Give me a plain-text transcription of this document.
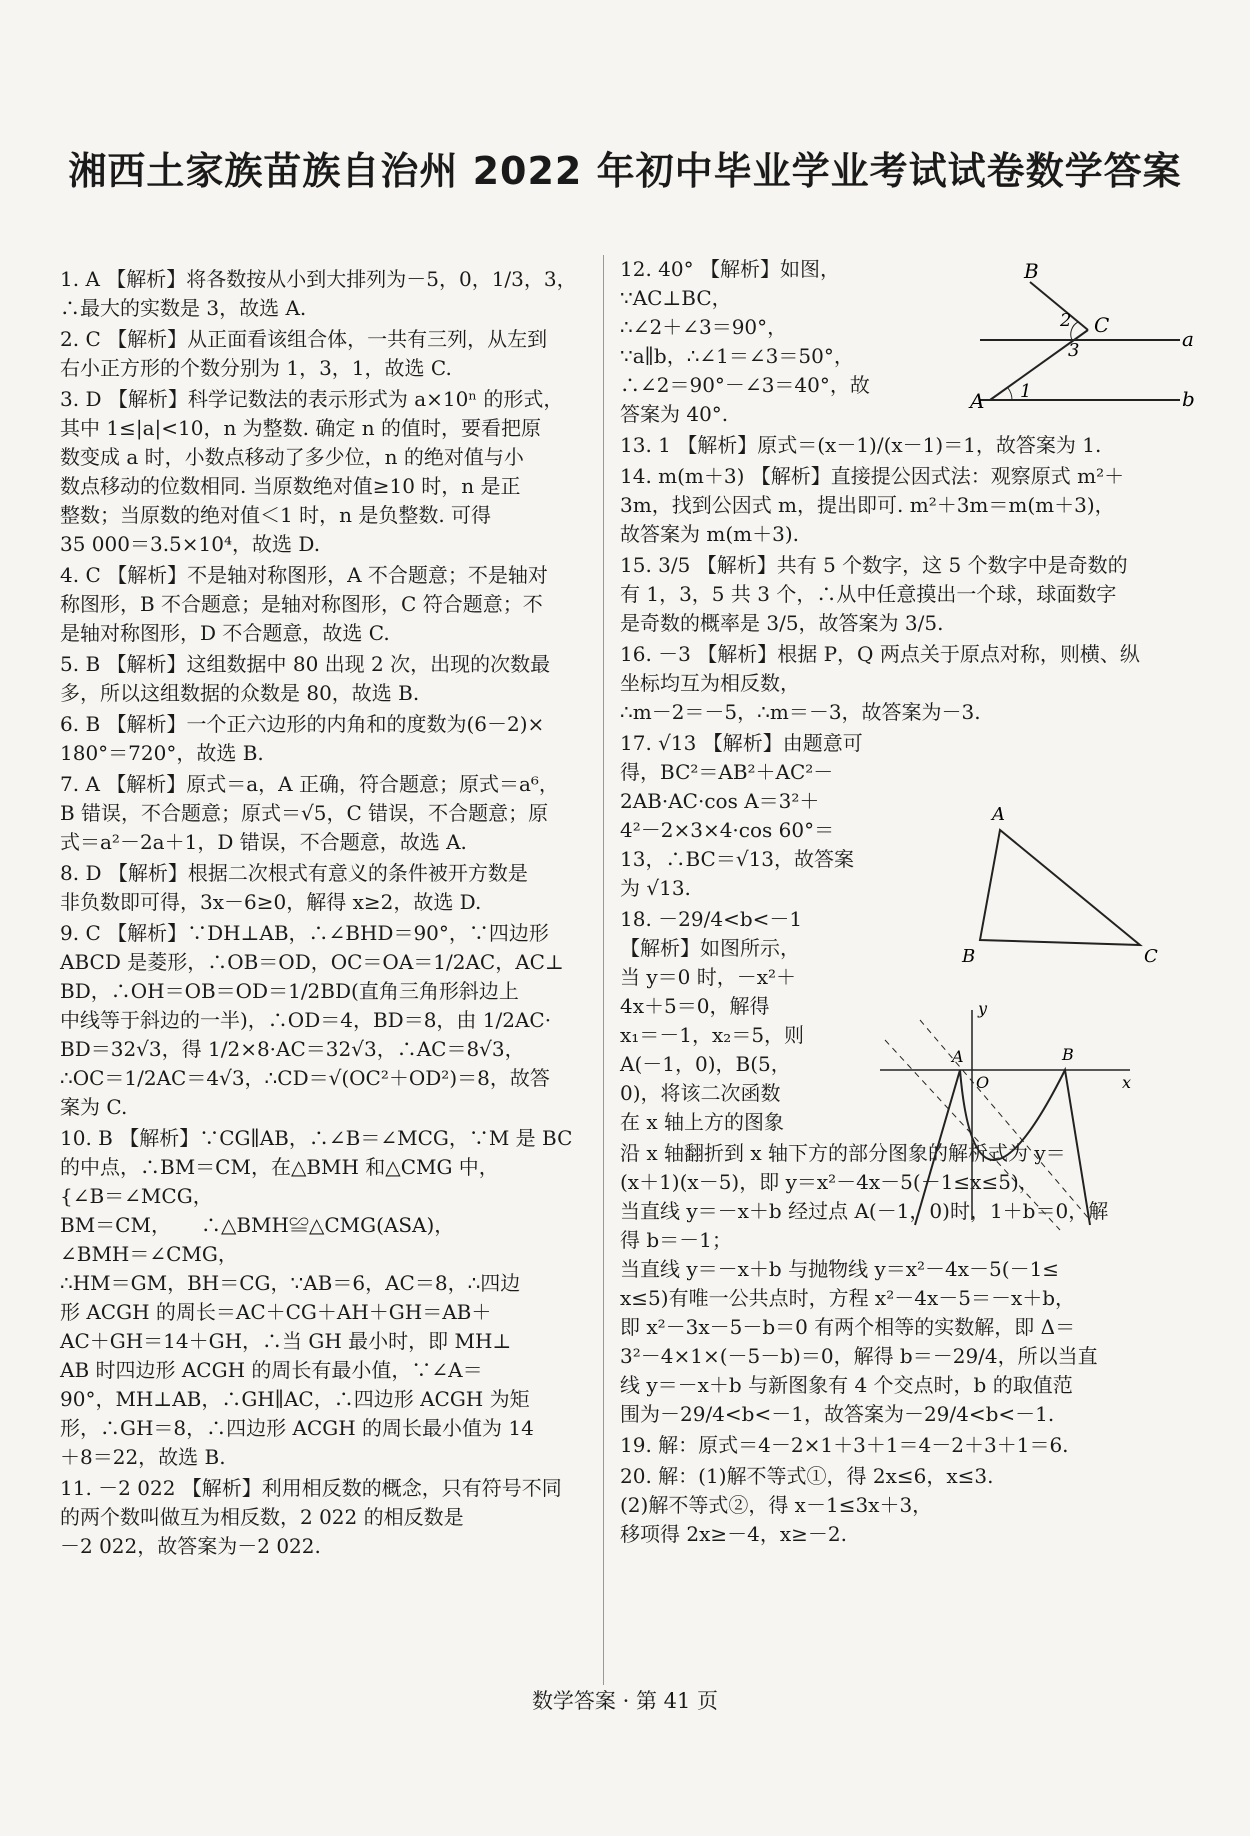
湘西土家族苗族自治州 2022 年初中毕业学业考试试卷数学答案
1. A 【解析】将各数按从小到大排列为－5，0，1/3，3，
∴最大的实数是 3，故选 A.
2. C 【解析】从正面看该组合体，一共有三列，从左到
右小正方形的个数分别为 1，3，1，故选 C.
3. D 【解析】科学记数法的表示形式为 a×10ⁿ 的形式，
其中 1≤|a|<10，n 为整数. 确定 n 的值时，要看把原
数变成 a 时，小数点移动了多少位，n 的绝对值与小
数点移动的位数相同. 当原数绝对值≥10 时，n 是正
整数；当原数的绝对值＜1 时，n 是负整数. 可得
35 000＝3.5×10⁴，故选 D.
4. C 【解析】不是轴对称图形，A 不合题意；不是轴对
称图形，B 不合题意；是轴对称图形，C 符合题意；不
是轴对称图形，D 不合题意，故选 C.
5. B 【解析】这组数据中 80 出现 2 次，出现的次数最
多，所以这组数据的众数是 80，故选 B.
6. B 【解析】一个正六边形的内角和的度数为(6－2)×
180°＝720°，故选 B.
7. A 【解析】原式＝a，A 正确，符合题意；原式＝a⁶，
B 错误，不合题意；原式＝√5，C 错误，不合题意；原
式＝a²－2a＋1，D 错误，不合题意，故选 A.
8. D 【解析】根据二次根式有意义的条件被开方数是
非负数即可得，3x－6≥0，解得 x≥2，故选 D.
9. C 【解析】∵DH⊥AB，∴∠BHD＝90°，∵四边形
ABCD 是菱形，∴OB＝OD，OC＝OA＝1/2AC，AC⊥
BD，∴OH＝OB＝OD＝1/2BD(直角三角形斜边上
中线等于斜边的一半)，∴OD＝4，BD＝8，由 1/2AC·
BD＝32√3，得 1/2×8·AC＝32√3，∴AC＝8√3，
∴OC＝1/2AC＝4√3，∴CD＝√(OC²＋OD²)＝8，故答
案为 C.
10. B 【解析】∵CG∥AB，∴∠B＝∠MCG，∵M 是 BC
的中点，∴BM＝CM，在△BMH 和△CMG 中，
{∠B＝∠MCG，
BM＝CM，　　∴△BMH≌△CMG(ASA)，
∠BMH＝∠CMG，
∴HM＝GM，BH＝CG，∵AB＝6，AC＝8，∴四边
形 ACGH 的周长＝AC＋CG＋AH＋GH＝AB＋
AC＋GH＝14＋GH，∴当 GH 最小时，即 MH⊥
AB 时四边形 ACGH 的周长有最小值，∵∠A＝
90°，MH⊥AB，∴GH∥AC，∴四边形 ACGH 为矩
形，∴GH＝8，∴四边形 ACGH 的周长最小值为 14
＋8＝22，故选 B.
11. －2 022 【解析】利用相反数的概念，只有符号不同
的两个数叫做互为相反数，2 022 的相反数是
－2 022，故答案为－2 022.
12. 40° 【解析】如图，
∵AC⊥BC，
∴∠2＋∠3＝90°，
∵a∥b，∴∠1＝∠3＝50°，
∴∠2＝90°－∠3＝40°，故
答案为 40°.
13. 1 【解析】原式＝(x－1)/(x－1)＝1，故答案为 1.
14. m(m＋3) 【解析】直接提公因式法：观察原式 m²＋
3m，找到公因式 m，提出即可. m²＋3m＝m(m＋3)，
故答案为 m(m＋3).
15. 3/5 【解析】共有 5 个数字，这 5 个数字中是奇数的
有 1，3，5 共 3 个，∴从中任意摸出一个球，球面数字
是奇数的概率是 3/5，故答案为 3/5.
16. －3 【解析】根据 P，Q 两点关于原点对称，则横、纵
坐标均互为相反数，
∴m－2＝－5，∴m＝－3，故答案为－3.
17. √13 【解析】由题意可
得，BC²＝AB²＋AC²－
2AB·AC·cos A＝3²＋
4²－2×3×4·cos 60°＝
13，∴BC＝√13，故答案
为 √13.
18. －29/4<b<－1
【解析】如图所示，
当 y＝0 时，－x²＋
4x＋5＝0，解得
x₁＝－1，x₂＝5，则
A(－1，0)，B(5，
0)，将该二次函数
在 x 轴上方的图象
沿 x 轴翻折到 x 轴下方的部分图象的解析式为 y＝
(x＋1)(x－5)，即 y＝x²－4x－5(－1≤x≤5)，
当直线 y＝－x＋b 经过点 A(－1，0)时，1＋b＝0，解
得 b＝－1；
当直线 y＝－x＋b 与抛物线 y＝x²－4x－5(－1≤
x≤5)有唯一公共点时，方程 x²－4x－5＝－x＋b，
即 x²－3x－5－b＝0 有两个相等的实数解，即 Δ＝
3²－4×1×(－5－b)＝0，解得 b＝－29/4，所以当直
线 y＝－x＋b 与新图象有 4 个交点时，b 的取值范
围为－29/4<b<－1，故答案为－29/4<b<－1.
19. 解：原式＝4－2×1＋3＋1＝4－2＋3＋1＝6.
20. 解：(1)解不等式①，得 2x≤6，x≤3.
(2)解不等式②，得 x－1≤3x＋3，
移项得 2x≥－4，x≥－2.
B
C
A
a
b
1
2
3
A
B	C
A	B
O	x
y
数学答案 · 第 41 页
